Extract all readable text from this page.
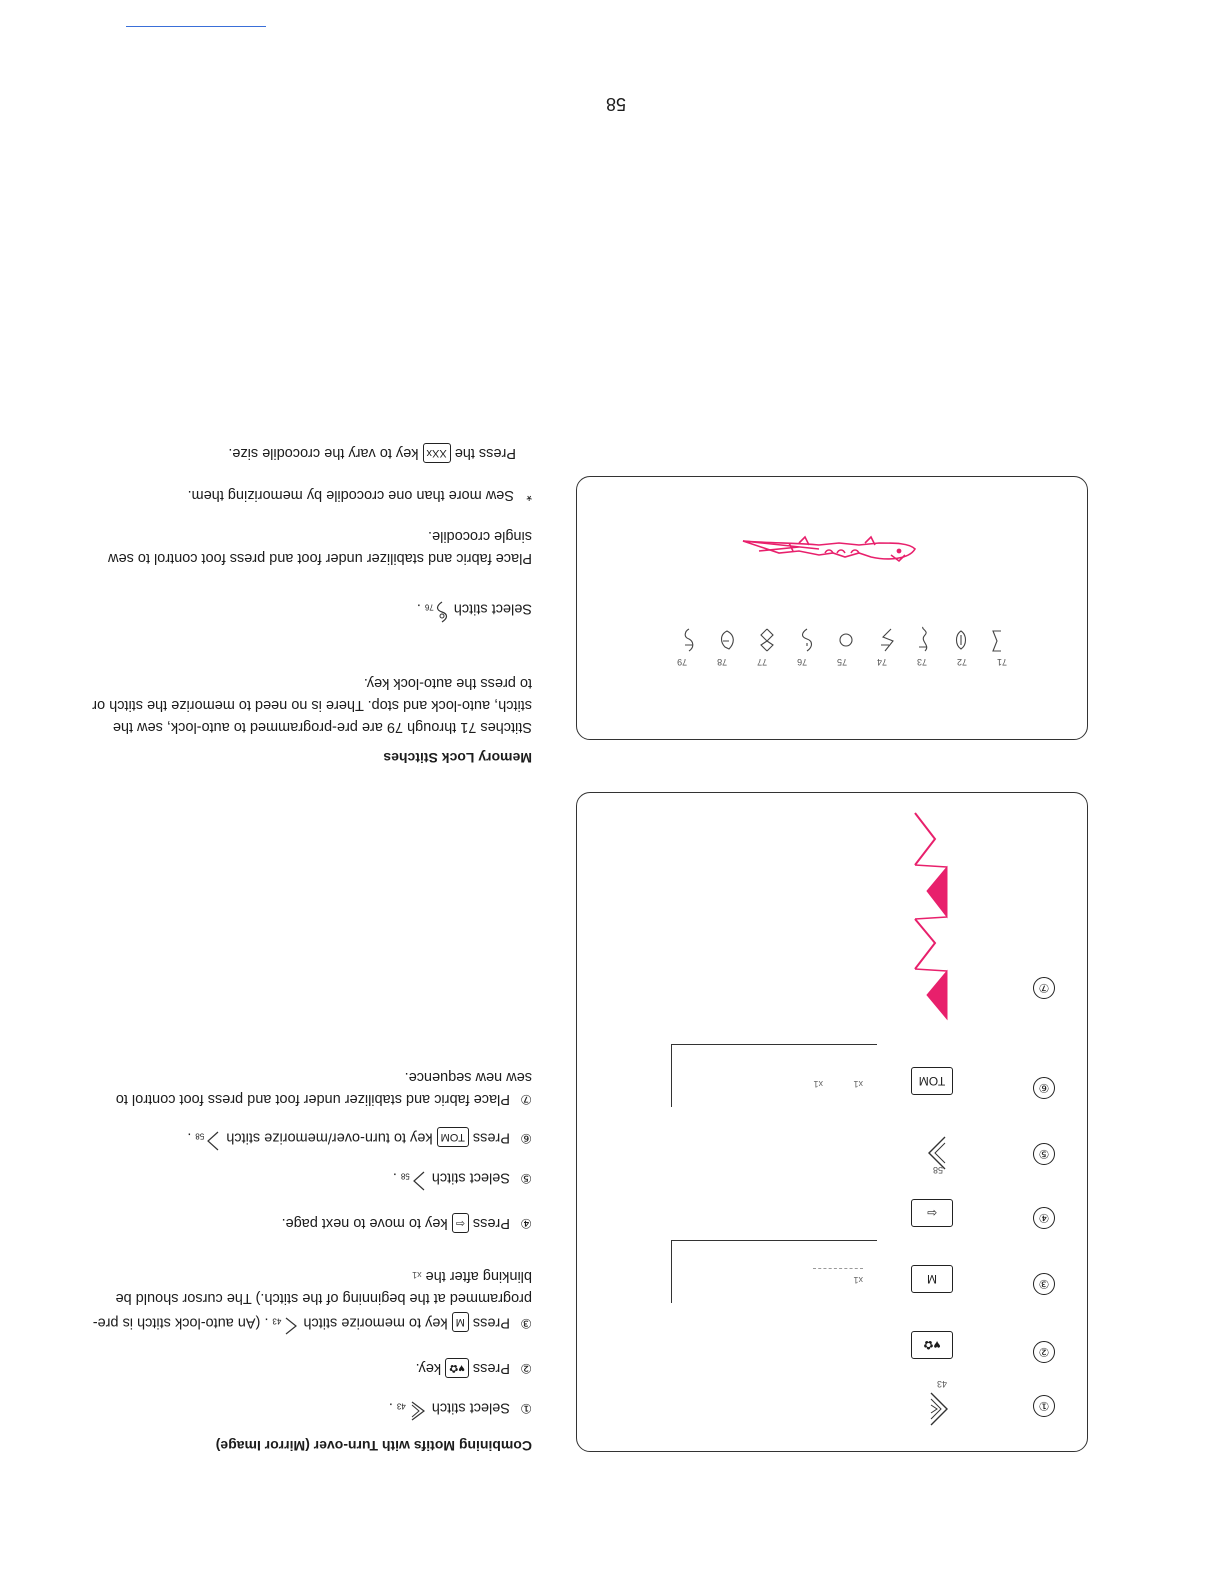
58
Combining Motifs with Turn-over (Mirror Image)
① Select stitch 43 .
② Press ♥✿ key.
③ Press M key to memorize stitch 43 . (An auto-lock stitch is pre-programmed at the beginning of the stitch.) The cursor should be blinking after the x1
④ Press ⇦ key to move to next page.
⑤ Select stitch 58 .
⑥ Press TOM key to turn-over/memorize stitch 58 .
⑦ Place fabric and stabilizer under foot and press foot control to sew new sequence.
Memory Lock Stitches
Stitches 71 through 79 are pre-programmed to auto-lock, sew the stitch, auto-lock and stop. There is no need to memorize the stitch or to press the auto-lock key.
Select stitch 76 .
Place fabric and stabilizer under foot and press foot control to sew single crocodile.
* Sew more than one crocodile by memorizing them.
Press the XXx key to vary the crocodile size.
①
②
③
④
⑤
⑥
⑦
43
♥✿
M
x1
⇦
58
TOM
x1
x1
71
72
73
74
75
76
77
78
79
